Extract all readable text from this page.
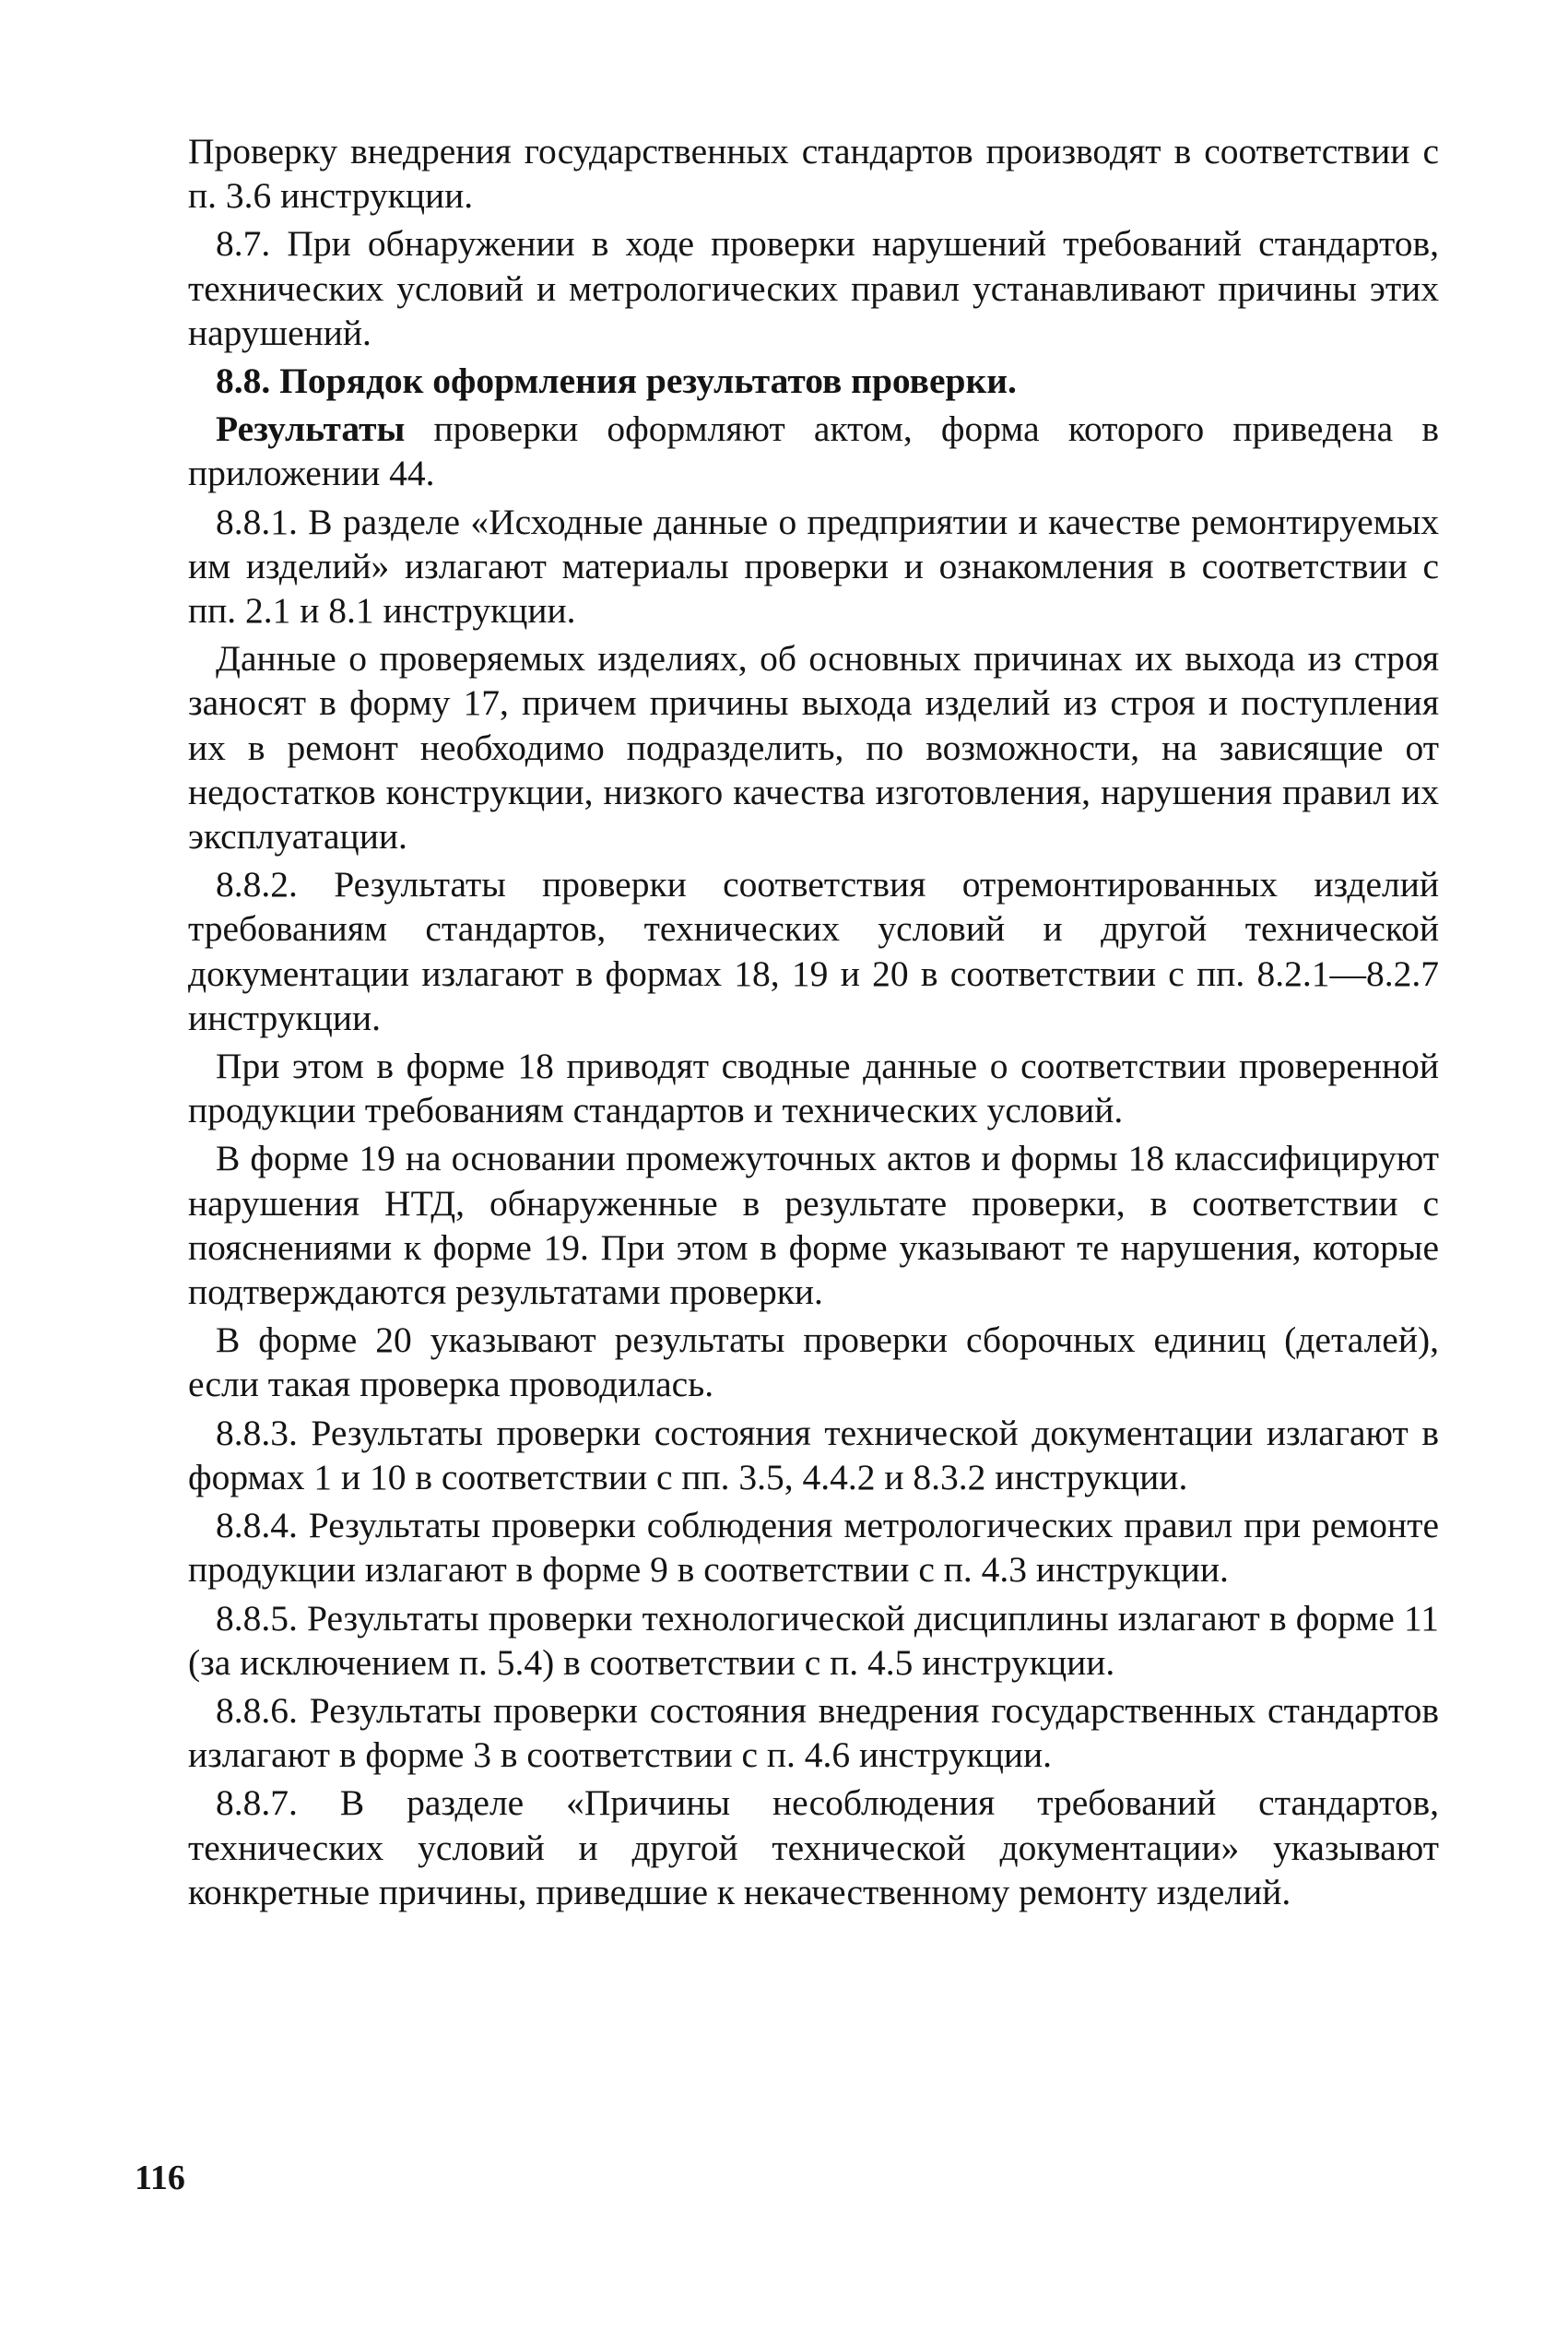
Проверку внедрения государственных стандартов производят в соответствии с п. 3.6 инструкции.

8.7. При обнаружении в ходе проверки нарушений требований стандартов, технических условий и метрологических правил устанавливают причины этих нарушений.

8.8. Порядок оформления результатов проверки.

Результаты проверки оформляют актом, форма которого приведена в приложении 44.

8.8.1. В разделе «Исходные данные о предприятии и качестве ремонтируемых им изделий» излагают материалы проверки и ознакомления в соответствии с пп. 2.1 и 8.1 инструкции.

Данные о проверяемых изделиях, об основных причинах их выхода из строя заносят в форму 17, причем причины выхода изделий из строя и поступления их в ремонт необходимо подразделить, по возможности, на зависящие от недостатков конструкции, низкого качества изготовления, нарушения правил их эксплуатации.

8.8.2. Результаты проверки соответствия отремонтированных изделий требованиям стандартов, технических условий и другой технической документации излагают в формах 18, 19 и 20 в соответствии с пп. 8.2.1—8.2.7 инструкции.

При этом в форме 18 приводят сводные данные о соответствии проверенной продукции требованиям стандартов и технических условий.

В форме 19 на основании промежуточных актов и формы 18 классифицируют нарушения НТД, обнаруженные в результате проверки, в соответствии с пояснениями к форме 19. При этом в форме указывают те нарушения, которые подтверждаются результатами проверки.

В форме 20 указывают результаты проверки сборочных единиц (деталей), если такая проверка проводилась.

8.8.3. Результаты проверки состояния технической документации излагают в формах 1 и 10 в соответствии с пп. 3.5, 4.4.2 и 8.3.2 инструкции.

8.8.4. Результаты проверки соблюдения метрологических правил при ремонте продукции излагают в форме 9 в соответствии с п. 4.3 инструкции.

8.8.5. Результаты проверки технологической дисциплины излагают в форме 11 (за исключением п. 5.4) в соответствии с п. 4.5 инструкции.

8.8.6. Результаты проверки состояния внедрения государственных стандартов излагают в форме 3 в соответствии с п. 4.6 инструкции.

8.8.7. В разделе «Причины несоблюдения требований стандартов, технических условий и другой технической документации» указывают конкретные причины, приведшие к некачественному ремонту изделий.

116
